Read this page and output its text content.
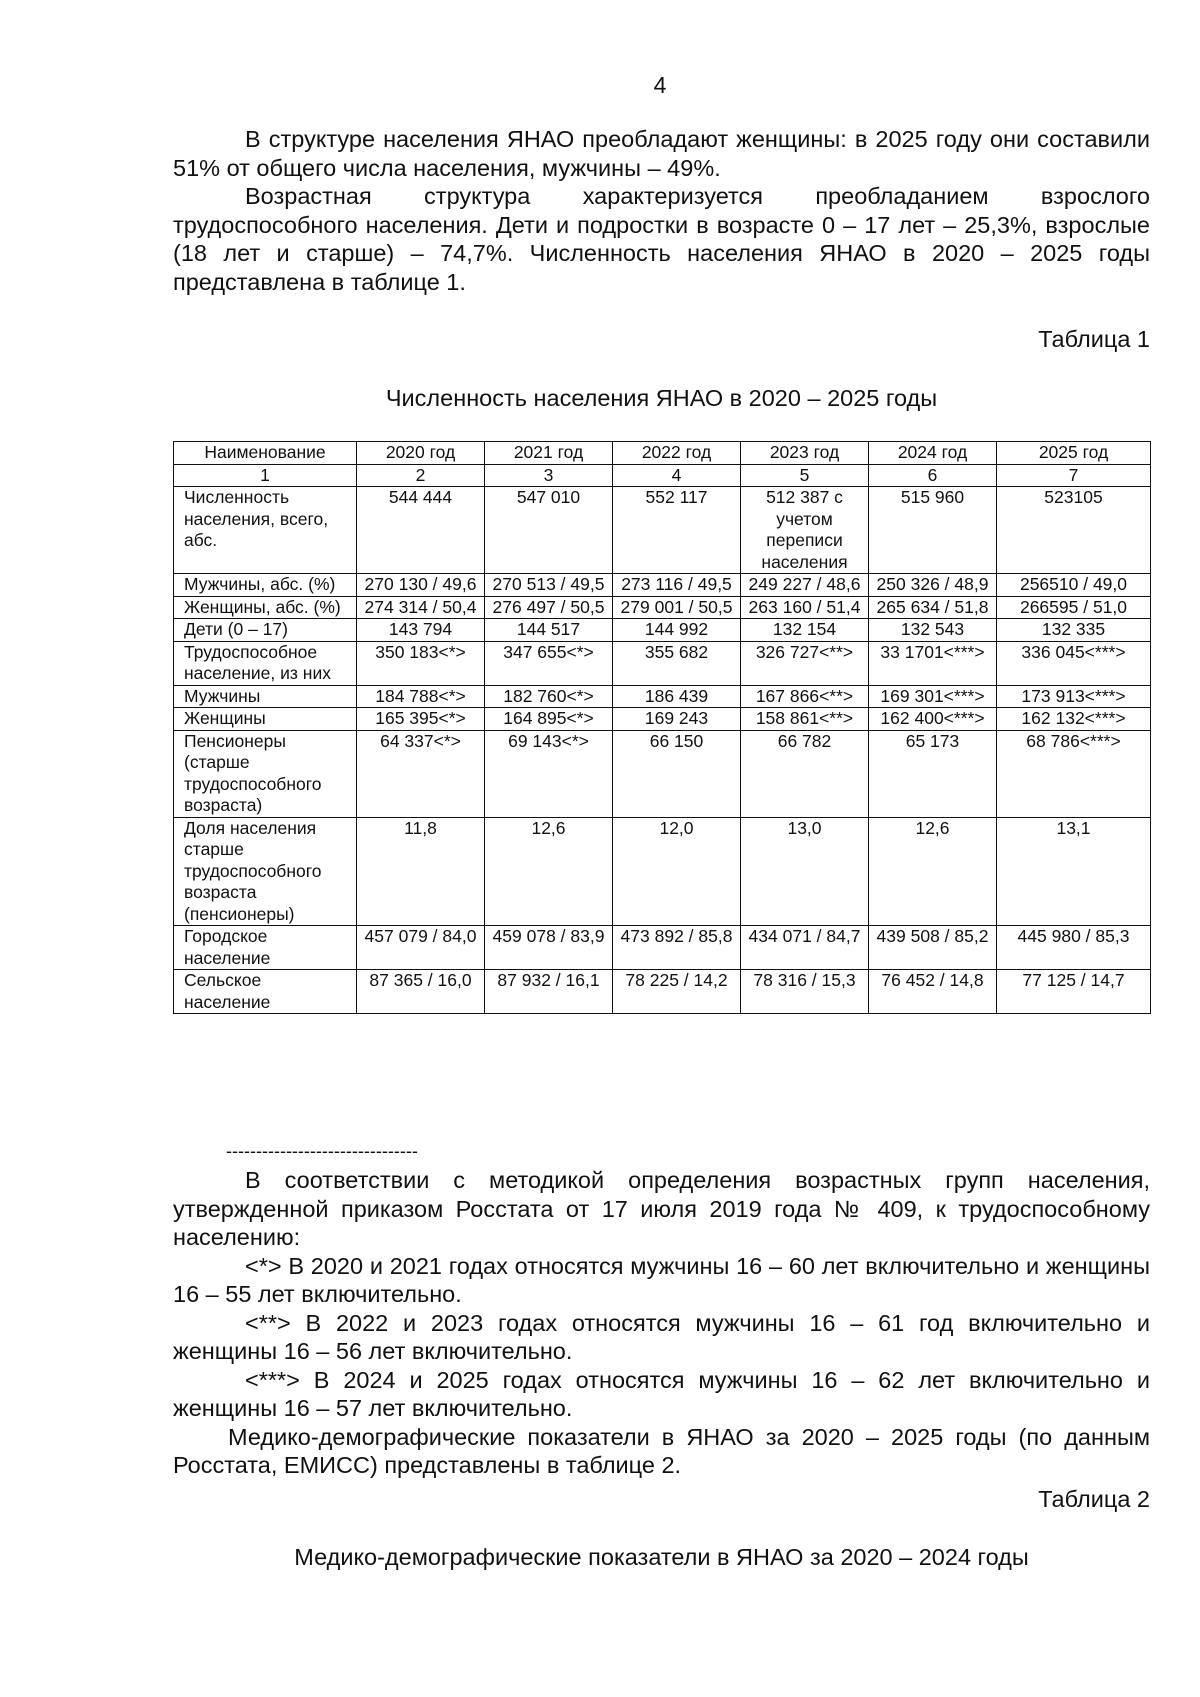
4

В структуре населения ЯНАО преобладают женщины: в 2025 году они составили 51% от общего числа населения, мужчины – 49%.

Возрастная структура характеризуется преобладанием взрослого трудоспособного населения. Дети и подростки в возрасте 0 – 17 лет – 25,3%, взрослые (18 лет и старше) – 74,7%. Численность населения ЯНАО в 2020 – 2025 годы представлена в таблице 1.

Таблица 1
Численность населения ЯНАО в 2020 – 2025 годы
Наименование	2020 год	2021 год	2022 год	2023 год	2024 год	2025 год
1	2	3	4	5	6	7
Численность населения, всего, абс.	544 444	547 010	552 117	512 387 с учетом переписи населения	515 960	523105
Мужчины, абс. (%)	270 130 / 49,6	270 513 / 49,5	273 116 / 49,5	249 227 / 48,6	250 326 / 48,9	256510 / 49,0
Женщины, абс. (%)	274 314 / 50,4	276 497 / 50,5	279 001 / 50,5	263 160 / 51,4	265 634 / 51,8	266595 / 51,0
Дети (0 – 17)	143 794	144 517	144 992	132 154	132 543	132 335
Трудоспособное население, из них	350 183<*>	347 655<*>	355 682	326 727<**>	33 1701<***>	336 045<***>
Мужчины	184 788<*>	182 760<*>	186 439	167 866<**>	169 301<***>	173 913<***>
Женщины	165 395<*>	164 895<*>	169 243	158 861<**>	162 400<***>	162 132<***>
Пенсионеры (старше трудоспособного возраста)	64 337<*>	69 143<*>	66 150	66 782	65 173	68 786<***>
Доля населения старше трудоспособного возраста (пенсионеры)	11,8	12,6	12,0	13,0	12,6	13,1
Городское население	457 079 / 84,0	459 078 / 83,9	473 892 / 85,8	434 071 / 84,7	439 508 / 85,2	445 980 / 85,3
Сельское население	87 365 / 16,0	87 932 / 16,1	78 225 / 14,2	78 316 / 15,3	76 452 / 14,8	77 125 / 14,7
--------------------------------

В соответствии с методикой определения возрастных групп населения, утвержденной приказом Росстата от 17 июля 2019 года № 409, к трудоспособному населению:

<*> В 2020 и 2021 годах относятся мужчины 16 – 60 лет включительно и женщины 16 – 55 лет включительно.

<**> В 2022 и 2023 годах относятся мужчины 16 – 61 год включительно и женщины 16 – 56 лет включительно.

<***> В 2024 и 2025 годах относятся мужчины 16 – 62 лет включительно и женщины 16 – 57 лет включительно.

Медико-демографические показатели в ЯНАО за 2020 – 2025 годы (по данным Росстата, ЕМИСС) представлены в таблице 2.

Таблица 2
Медико-демографические показатели в ЯНАО за 2020 – 2024 годы
